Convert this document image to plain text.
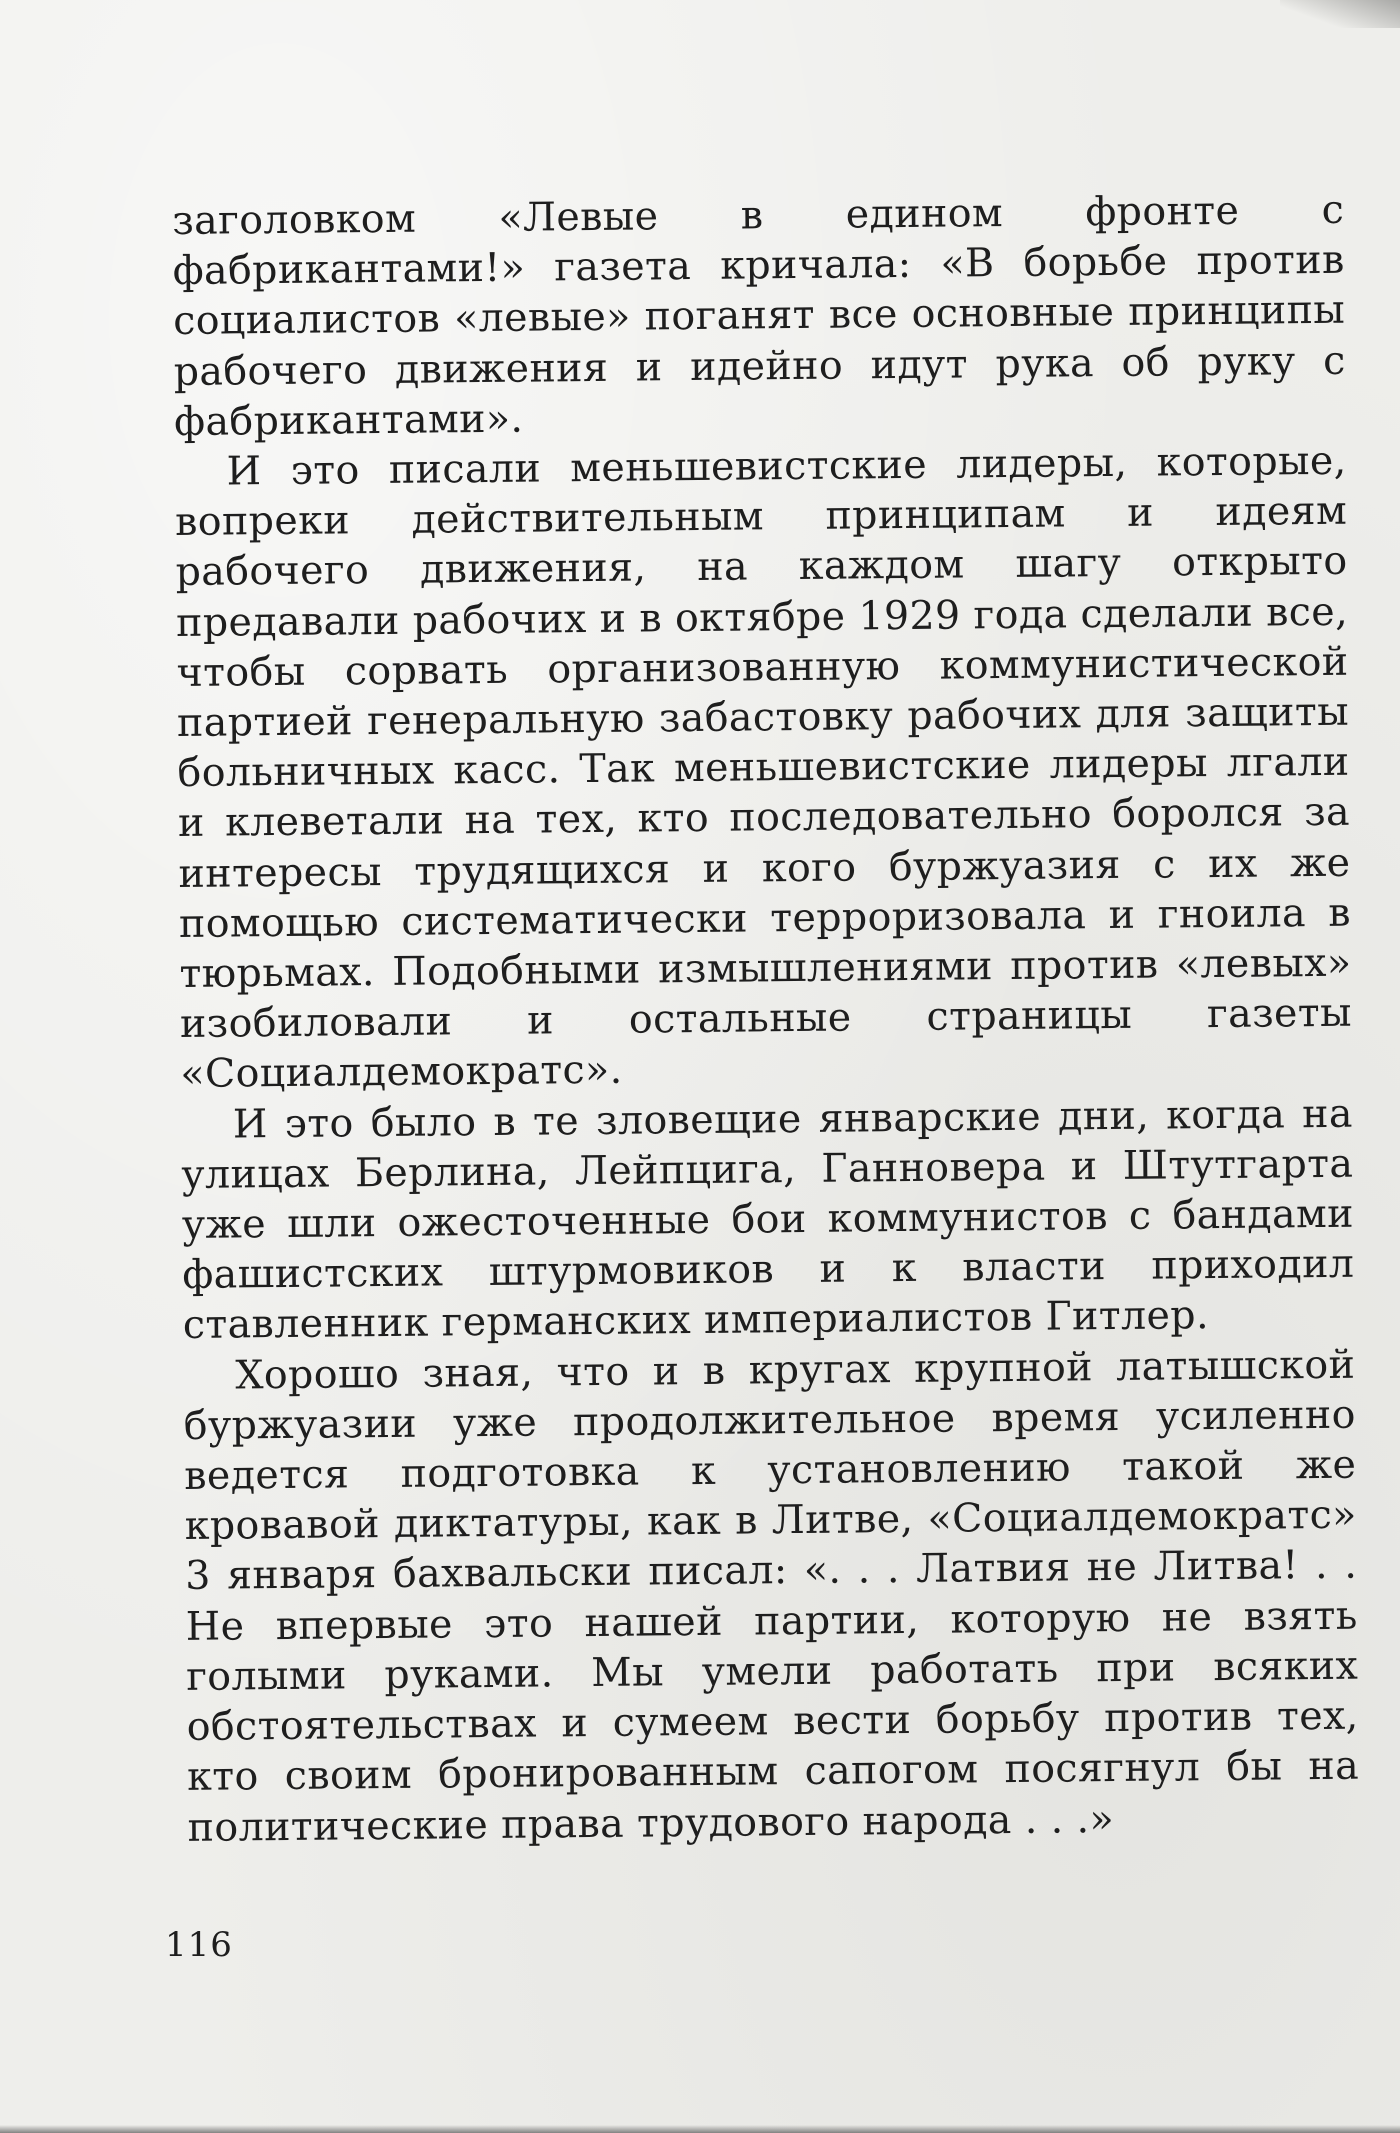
заголовком «Левые в едином фронте с фабрикантами!» газета кричала: «В борьбе против социалистов «левые» поганят все основные принципы рабочего движения и идейно идут рука об руку с фабрикантами».

И это писали меньшевистские лидеры, которые, вопреки действительным принципам и идеям рабочего движения, на каждом шагу открыто предавали рабочих и в октябре 1929 года сделали все, чтобы сорвать организованную коммунистической партией генеральную забастовку рабочих для защиты больничных касс. Так меньшевистские лидеры лгали и клеветали на тех, кто последовательно боролся за интересы трудящихся и кого буржуазия с их же помощью систематически терроризовала и гноила в тюрьмах. Подобными измышлениями против «левых» изобиловали и остальные страницы газеты «Социалдемократс».

И это было в те зловещие январские дни, когда на улицах Берлина, Лейпцига, Ганновера и Штутгарта уже шли ожесточенные бои коммунистов с бандами фашистских штурмовиков и к власти приходил ставленник германских империалистов Гитлер.

Хорошо зная, что и в кругах крупной латышской буржуазии уже продолжительное время усиленно ведется подготовка к установлению такой же кровавой диктатуры, как в Литве, «Социалдемократс» 3 января бахвальски писал: «. . . Латвия не Литва! . . Не впервые это нашей партии, которую не взять голыми руками. Мы умели работать при всяких обстоятельствах и сумеем вести борьбу против тех, кто своим бронированным сапогом посягнул бы на политические права трудового народа . . .»

116
